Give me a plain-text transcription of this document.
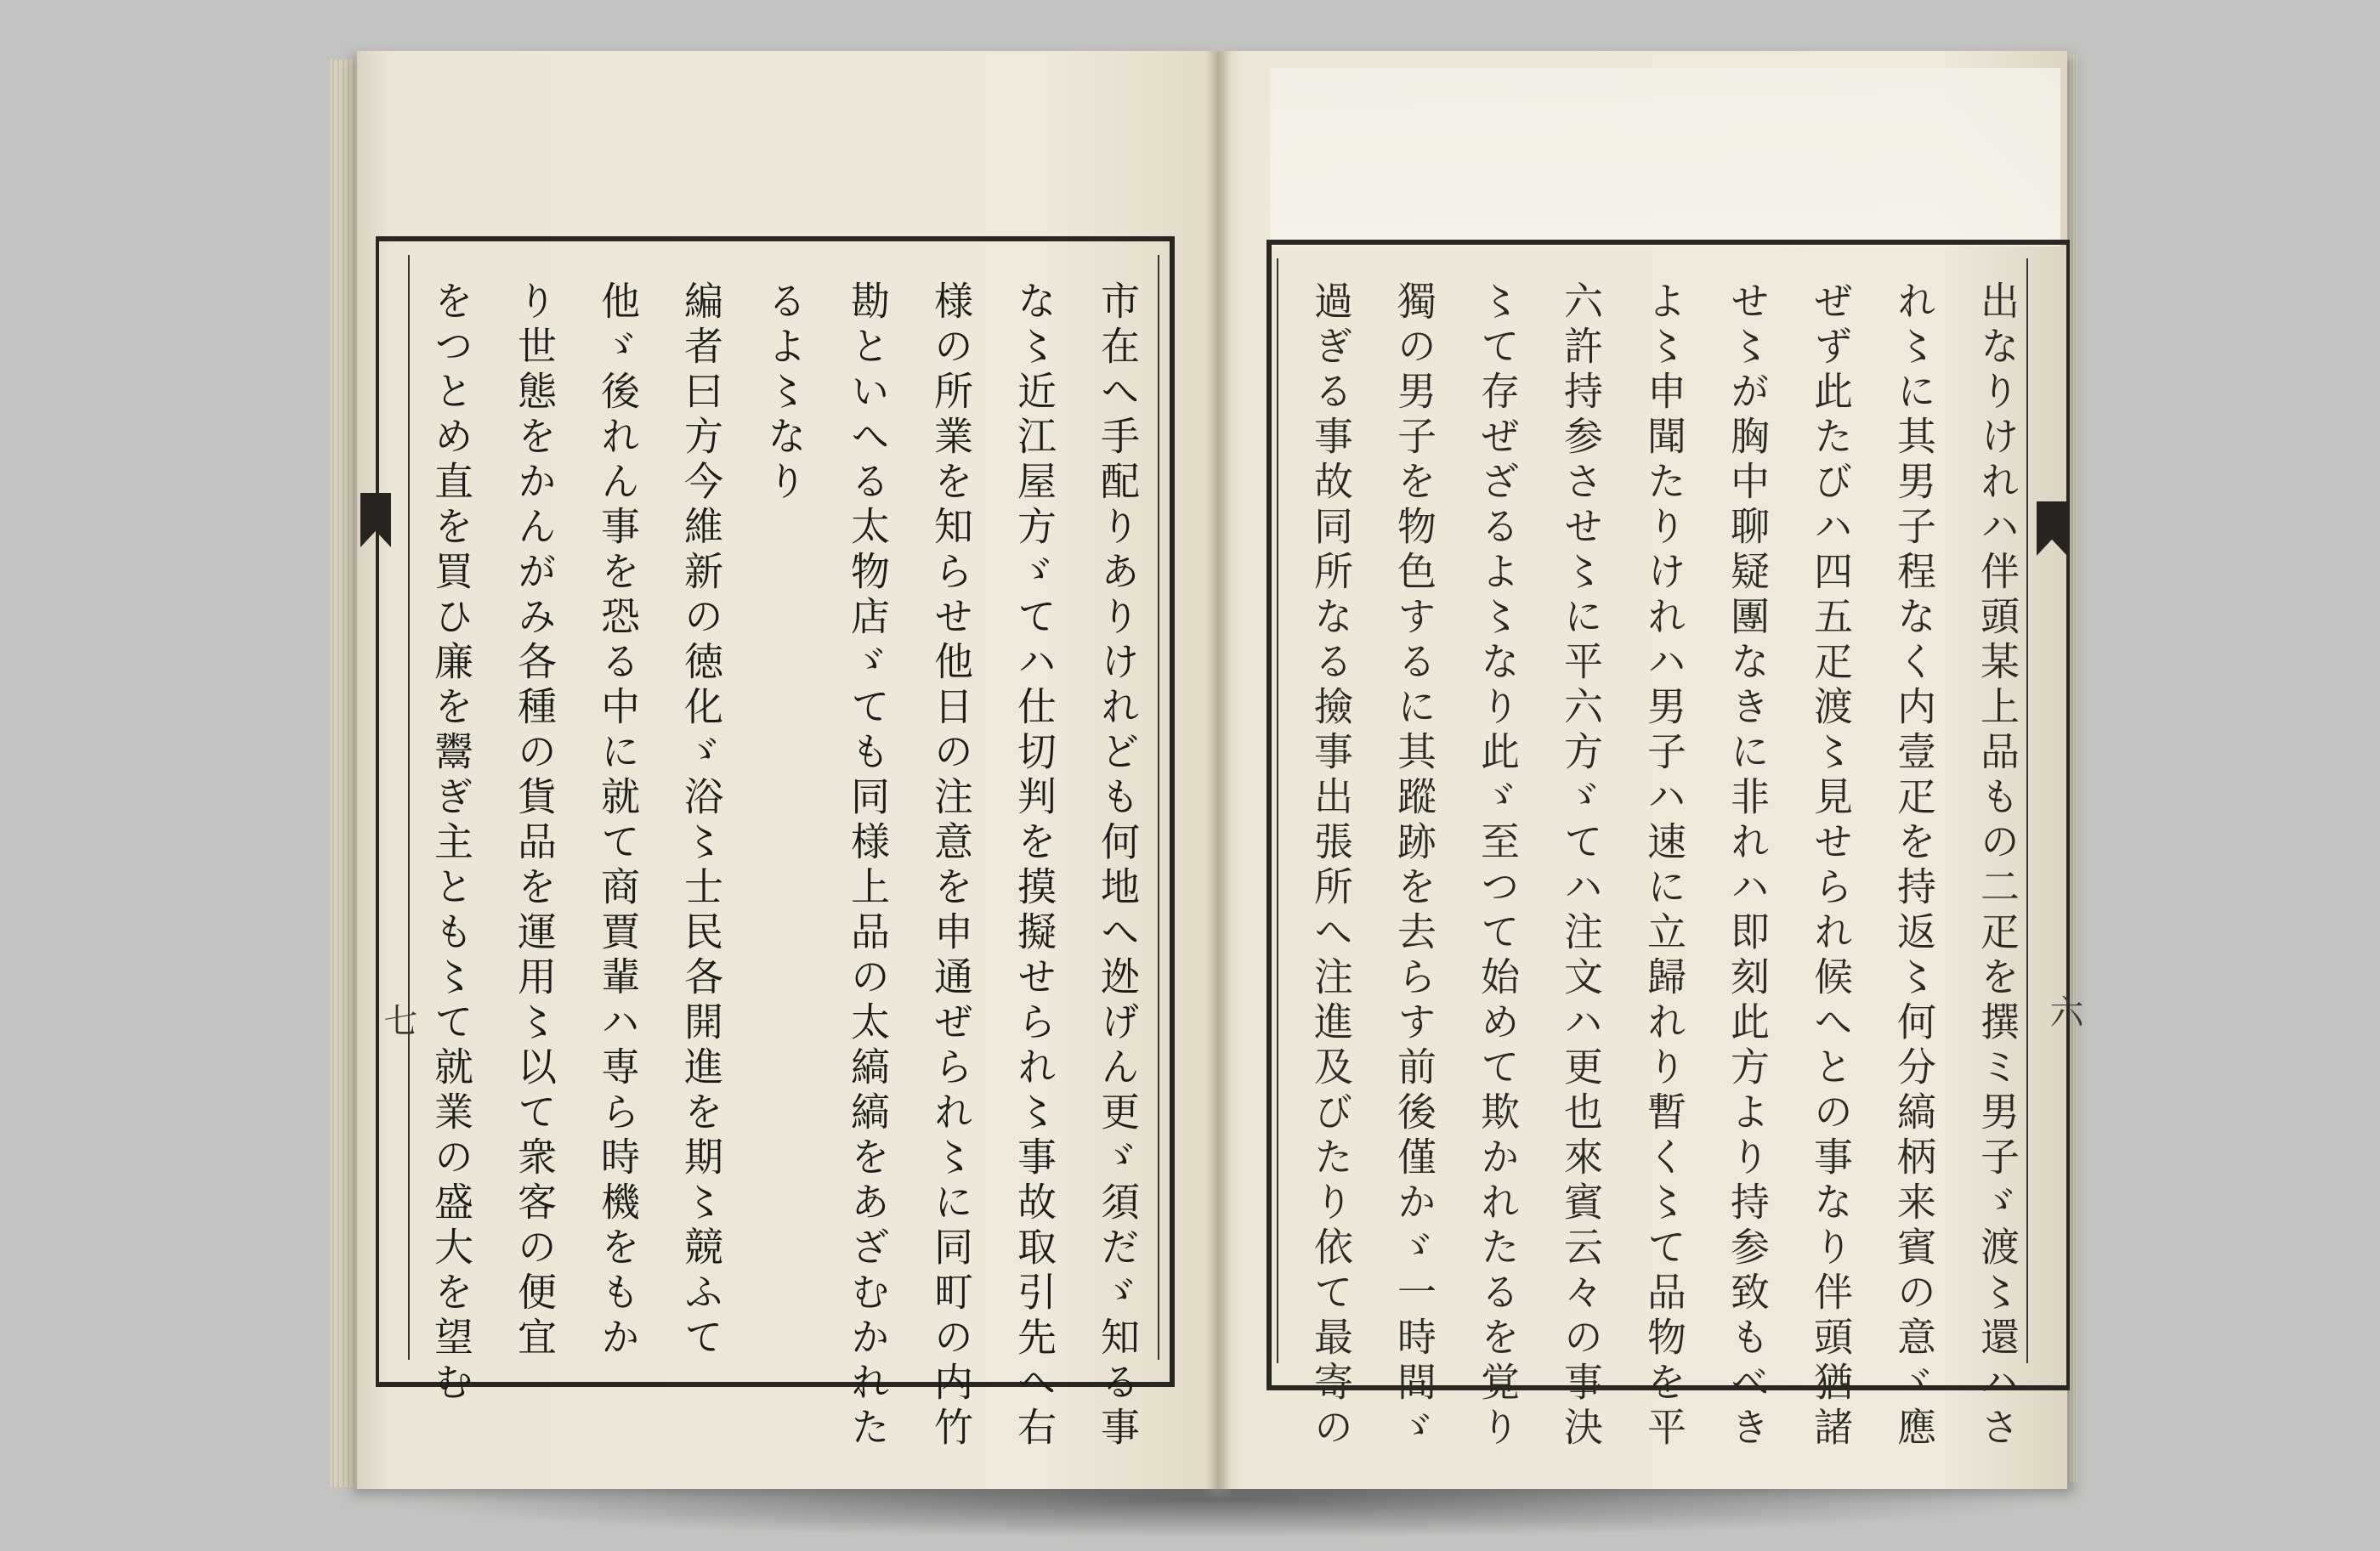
市在へ手配りありけれども何地へ迯げん更ゞ須だゞ知る事
な〻近江屋方ゞてハ仕切判を摸擬せられ〻事故取引先へ右
様の所業を知らせ他日の注意を申通ぜられ〻に同町の内竹
勘といへる太物店ゞても同様上品の太縞縞をあざむかれた
るよ〻なり
編者曰方今維新の徳化ゞ浴〻士民各開進を期〻競ふて
他ゞ後れん事を恐る中に就て商賈輩ハ専ら時機をもか
り世態をかんがみ各種の貨品を運用〻以て衆客の便宜
をつとめ直を買ひ廉を鬻ぎ主とも〻て就業の盛大を望む	出なりけれハ伴頭某上品もの二疋を撰ミ男子ゞ渡〻還ハさ
れ〻に其男子程なく内壹疋を持返〻何分縞柄来賓の意ゞ應
ぜず此たびハ四五疋渡〻見せられ候へとの事なり伴頭猶諸
せ〻が胸中聊疑團なきに非れハ即刻此方より持参致もべき
よ〻申聞たりけれハ男子ハ速に立歸れり暫く〻て品物を平
六許持参させ〻に平六方ゞてハ注文ハ更也來賓云々の事決
〻て存ぜざるよ〻なり此ゞ至つて始めて欺かれたるを覚り
獨の男子を物色するに其蹤跡を去らす前後僅かゞ一時間ゞ
過ぎる事故同所なる撿事出張所へ注進及びたり依て最寄の
七	六
